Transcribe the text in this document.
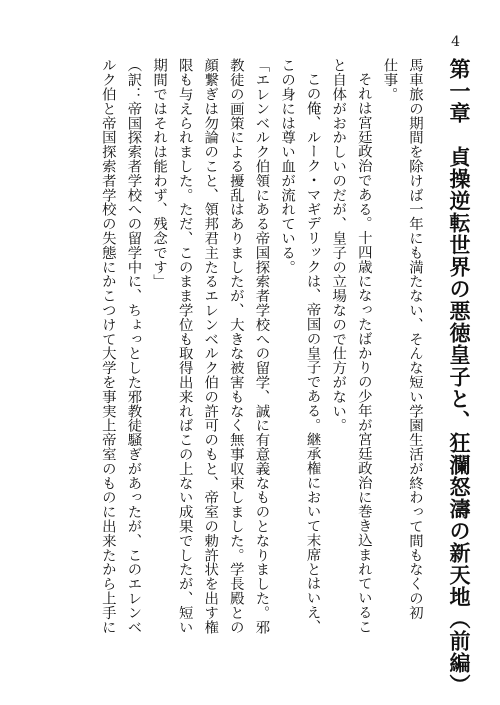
4
第一章　貞操逆転世界の悪徳皇子と、狂瀾怒濤の新天地（前編）
馬車旅の期間を除けば一年にも満たない、そんな短い学園生活が終わって間もなくの初
仕事。
それは宮廷政治である。十四歳になったばかりの少年が宮廷政治に巻き込まれているこ
と自体がおかしいのだが、皇子の立場なので仕方がない。
この俺、ルーク・マギデリックは、帝国の皇子である。継承権において末席とはいえ、
この身には尊い血が流れている。
「エレンベルク伯領にある帝国探索者学校への留学、誠に有意義なものとなりました。邪
教徒の画策による擾乱はありましたが、大きな被害もなく無事収束しました。学長殿との
顔繋ぎは勿論のこと、領邦君主たるエレンベルク伯の許可のもと、帝室の勅許状を出す権
限も与えられました。ただ、このまま学位も取得出来ればこの上ない成果でしたが、短い
期間ではそれは能わず、残念です」
（訳：帝国探索者学校への留学中に、ちょっとした邪教徒騒ぎがあったが、このエレンベ
ルク伯と帝国探索者学校の失態にかこつけて大学を事実上帝室のものに出来たから上手に
